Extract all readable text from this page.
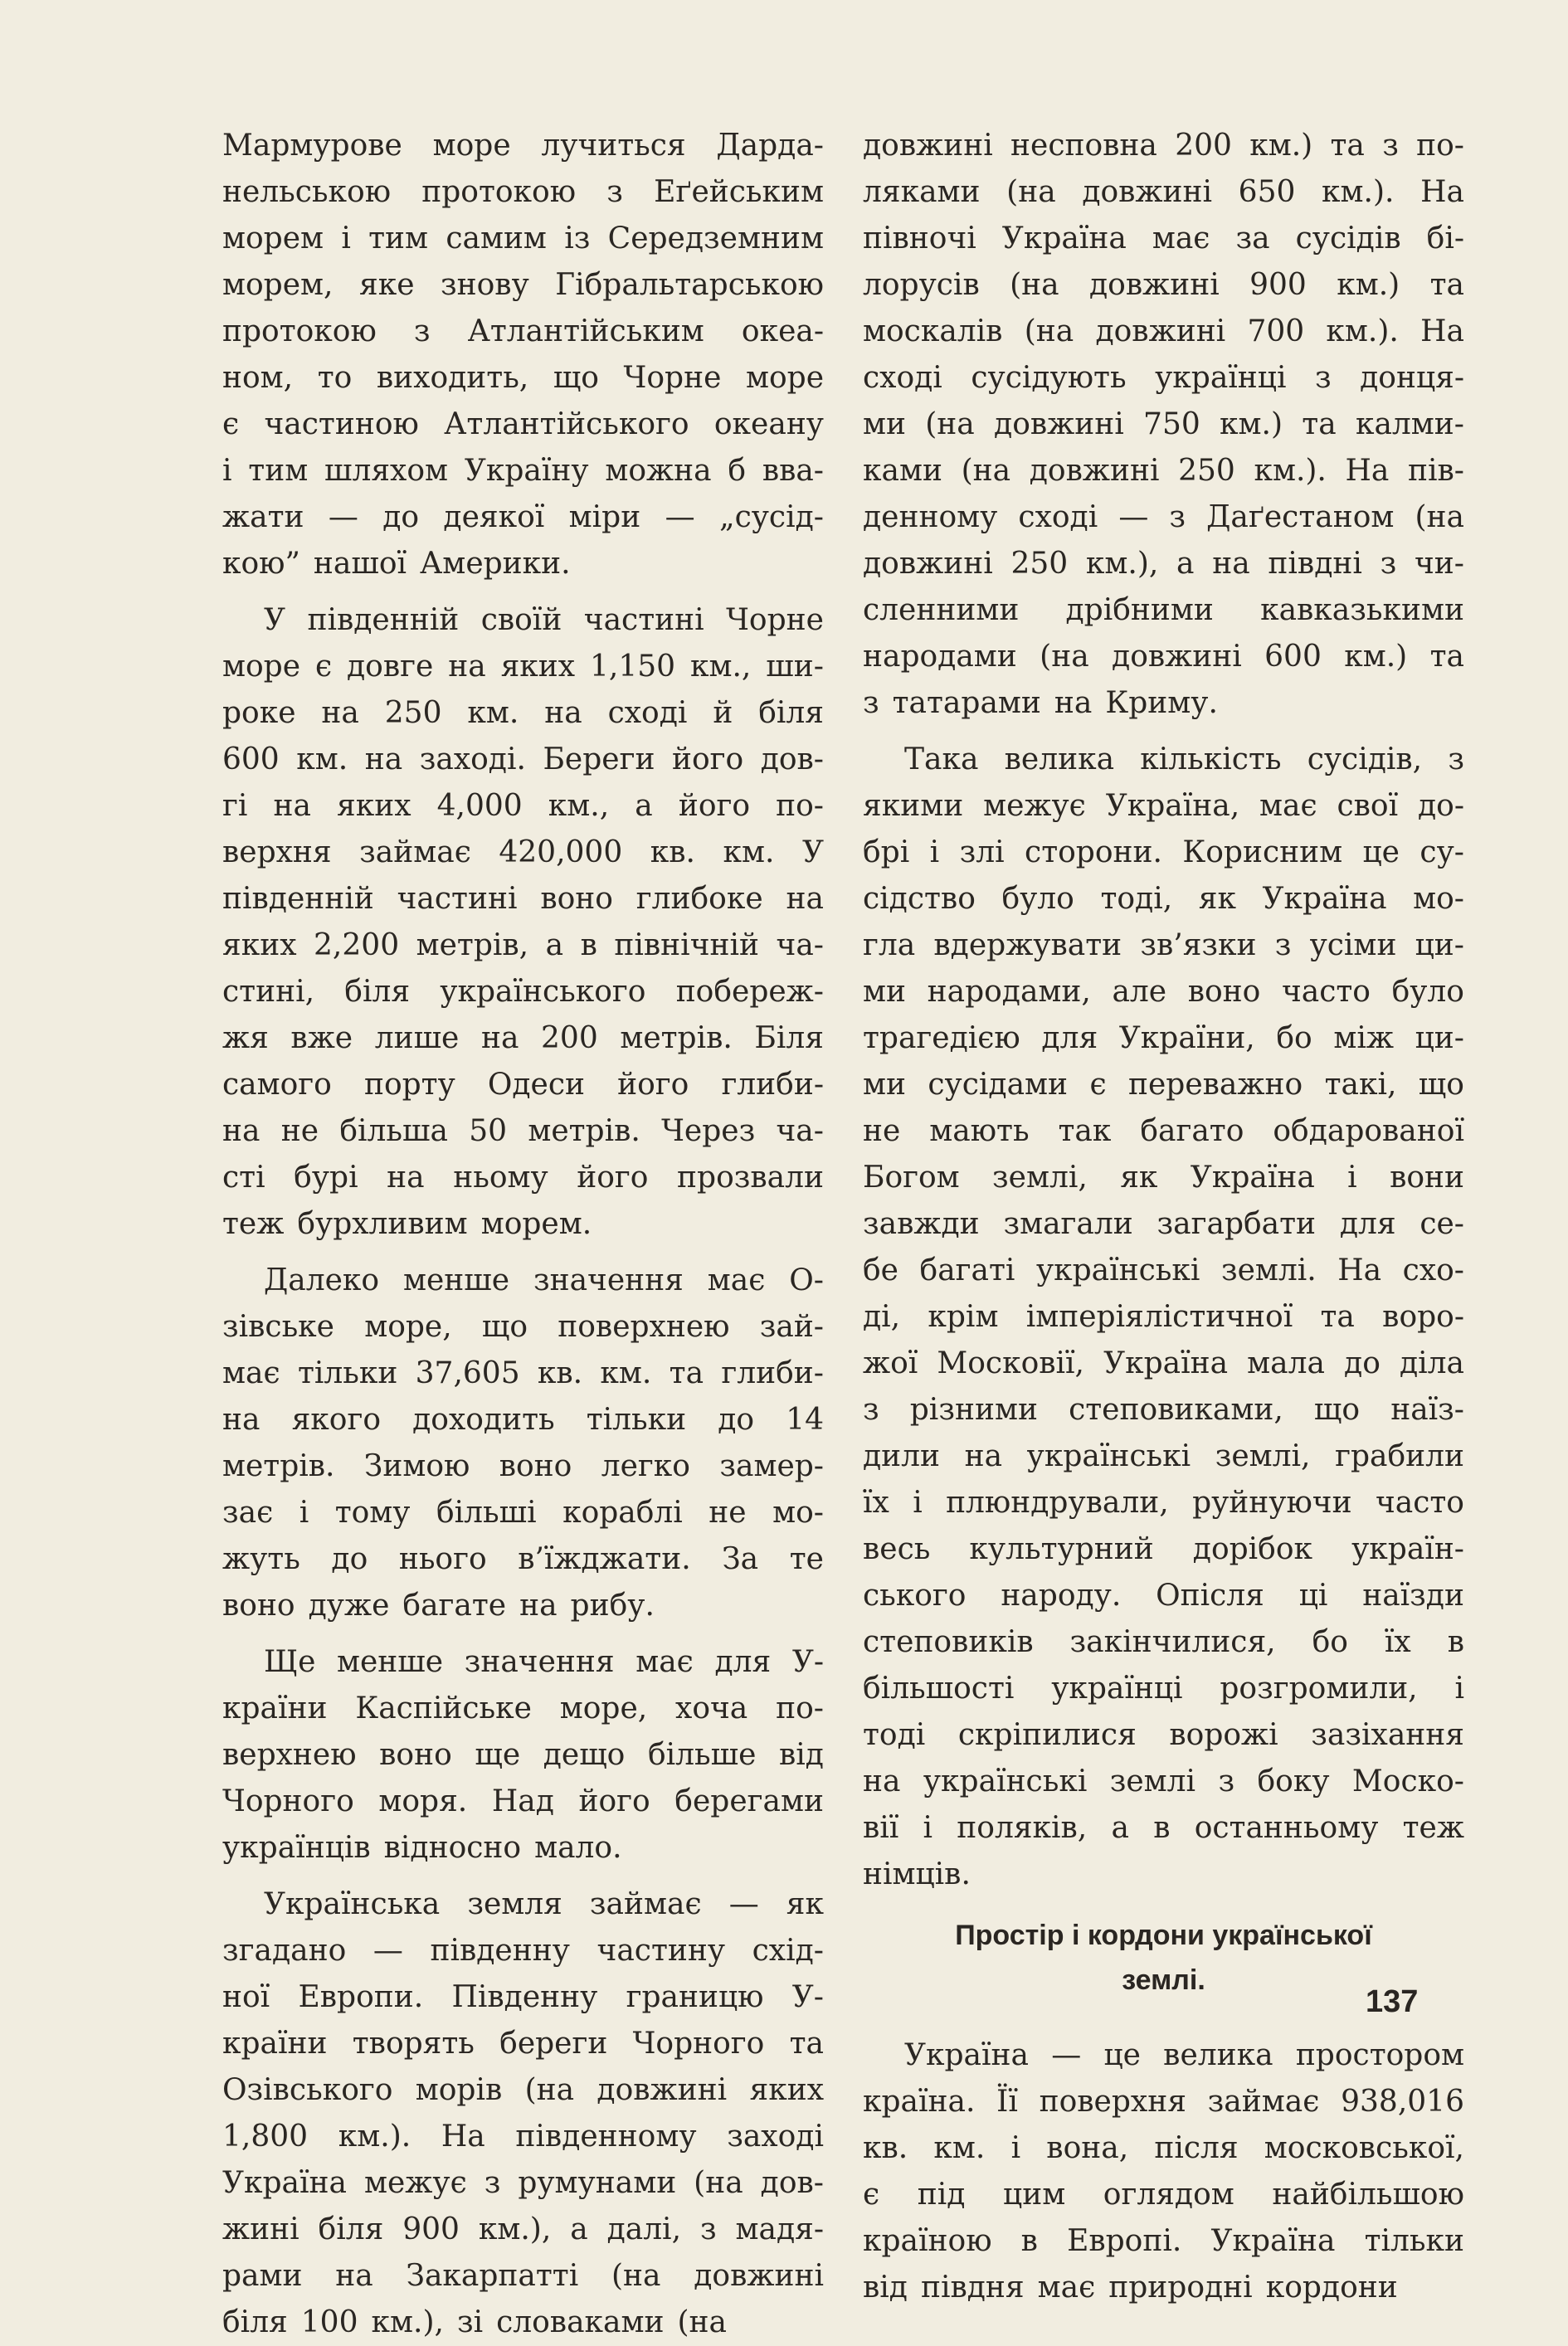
Мармурове море лучиться Дарда-
нельською протокою з Еґейським
морем і тим самим із Середземним
морем, яке знову Гібральтарською
протокою з Атлантійським океа-
ном, то виходить, що Чорне море
є частиною Атлантійського океану
і тим шляхом Україну можна б вва-
жати — до деякої міри — „сусід-
кою” нашої Америки.
У південній своїй частині Чорне
море є довге на яких 1,150 км., ши-
роке на 250 км. на сході й біля
600 км. на заході. Береги його дов-
гі на яких 4,000 км., а його по-
верхня займає 420,000 кв. км. У
південній частині воно глибоке на
яких 2,200 метрів, а в північній ча-
стині, біля українського побереж-
жя вже лише на 200 метрів. Біля
самого порту Одеси його глиби-
на не більша 50 метрів. Через ча-
сті бурі на ньому його прозвали
теж бурхливим морем.
Далеко менше значення має О-
зівське море, що поверхнею зай-
має тільки 37,605 кв. км. та глиби-
на якого доходить тільки до 14
метрів. Зимою воно легко замер-
зає і тому більші кораблі не мо-
жуть до нього в’їжджати. За те
воно дуже багате на рибу.
Ще менше значення має для У-
країни Каспійське море, хоча по-
верхнею воно ще дещо більше від
Чорного моря. Над його берегами
українців відносно мало.
Українська земля займає — як
згадано — південну частину схід-
ної Европи. Південну границю У-
країни творять береги Чорного та
Озівського морів (на довжині яких
1,800 км.). На південному заході
Україна межує з румунами (на дов-
жині біля 900 км.), а далі, з мадя-
рами на Закарпатті (на довжині
біля 100 км.), зі словаками (на
довжині несповна 200 км.) та з по-
ляками (на довжині 650 км.). На
півночі Україна має за сусідів бі-
лорусів (на довжині 900 км.) та
москалів (на довжині 700 км.). На
сході сусідують українці з донця-
ми (на довжині 750 км.) та калми-
ками (на довжині 250 км.). На пів-
денному сході — з Даґестаном (на
довжині 250 км.), а на півдні з чи-
сленними дрібними кавказькими
народами (на довжині 600 км.) та
з татарами на Криму.
Така велика кількість сусідів, з
якими межує Україна, має свої до-
брі і злі сторони. Корисним це су-
сідство було тоді, як Україна мо-
гла вдержувати зв’язки з усіми ци-
ми народами, але воно часто було
трагедією для України, бо між ци-
ми сусідами є переважно такі, що
не мають так багато обдарованої
Богом землі, як Україна і вони
завжди змагали загарбати для се-
бе багаті українські землі. На схо-
ді, крім імперіялістичної та воро-
жої Московії, Україна мала до діла
з різними степовиками, що наїз-
дили на українські землі, грабили
їх і плюндрували, руйнуючи часто
весь культурний дорібок україн-
ського народу. Опісля ці наїзди
степовиків закінчилися, бо їх в
більшості українці розгромили, і
тоді скріпилися ворожі зазіхання
на українські землі з боку Моско-
вії і поляків, а в останньому теж
німців.
Простір і кордони української
землі.
Україна — це велика простором
країна. Її поверхня займає 938,016
кв. км. і вона, після московської,
є під цим оглядом найбільшою
країною в Европі. Україна тільки
від півдня має природні кордони
137
